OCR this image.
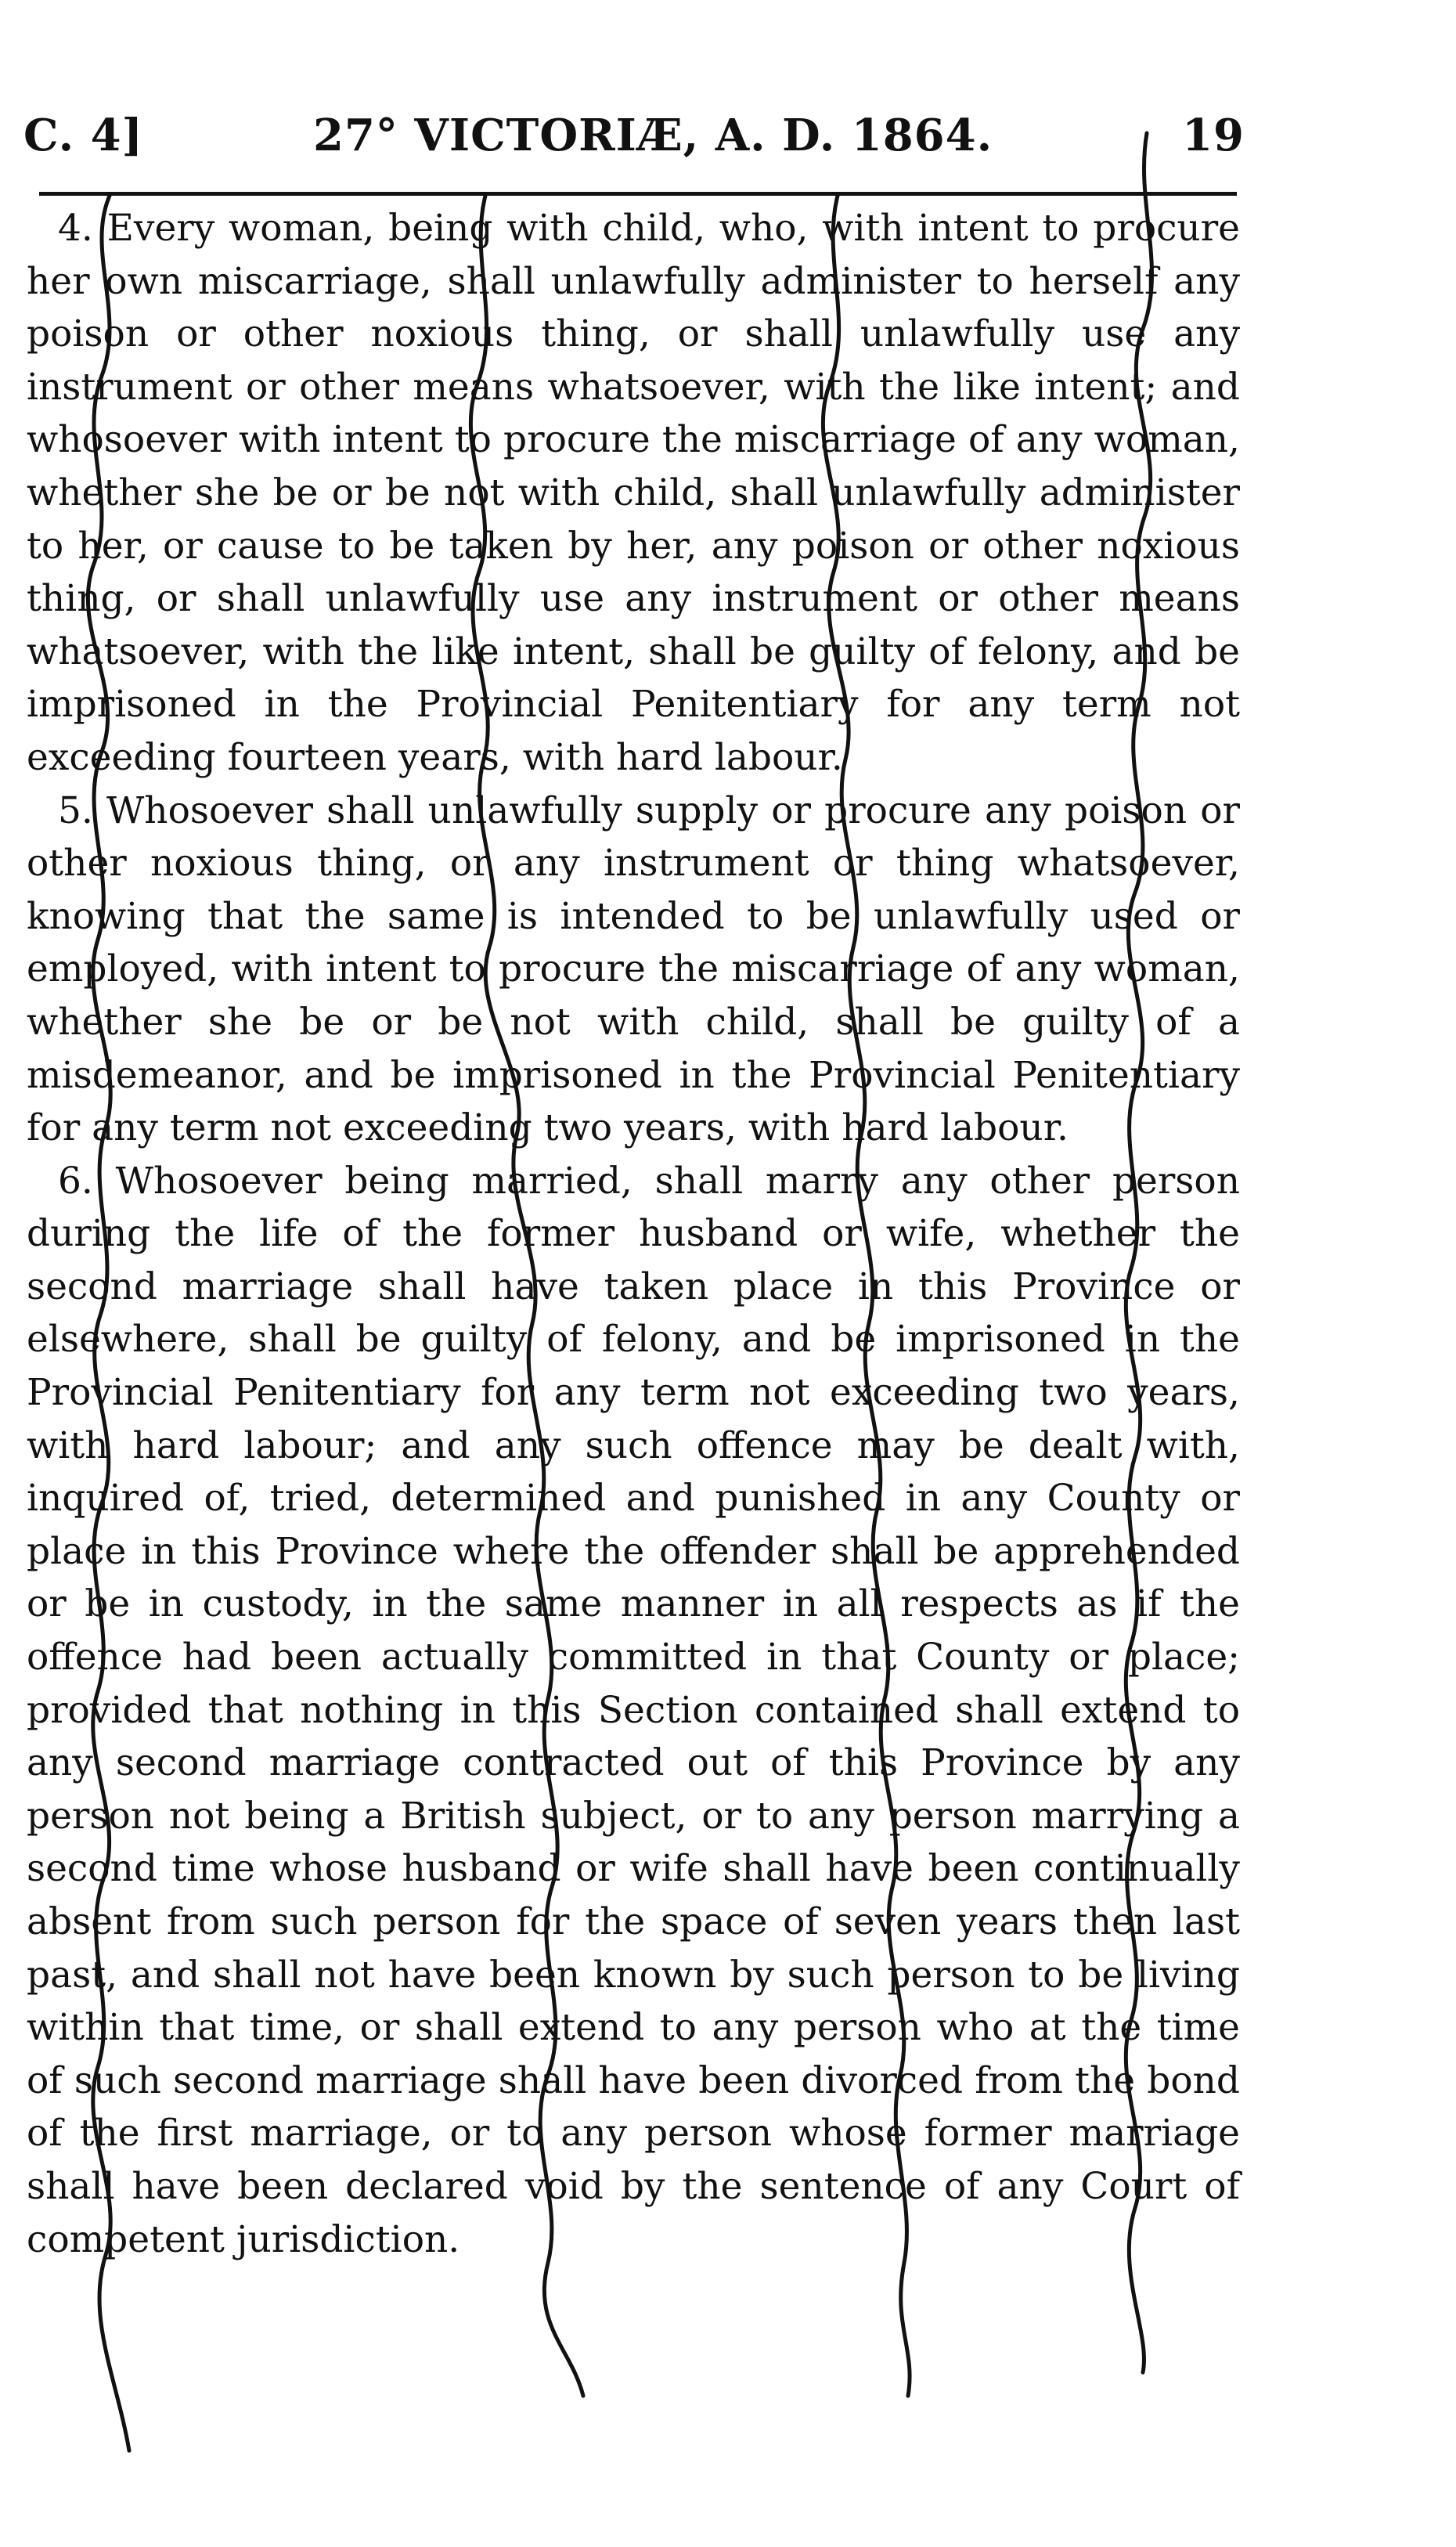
C. 4]	27° VICTORIÆ, A. D. 1864.	19

4. Every woman, being with child, who, with intent to procure her own miscarriage, shall unlawfully administer to herself any poison or other noxious thing, or shall unlawfully use any instrument or other means whatsoever, with the like intent; and whosoever with intent to procure the miscarriage of any woman, whether she be or be not with child, shall unlawfully administer to her, or cause to be taken by her, any poison or other noxious thing, or shall unlawfully use any instrument or other means whatsoever, with the like intent, shall be guilty of felony, and be imprisoned in the Provincial Penitentiary for any term not exceeding fourteen years, with hard labour.

5. Whosoever shall unlawfully supply or procure any poison or other noxious thing, or any instrument or thing whatsoever, knowing that the same is intended to be unlawfully used or employed, with intent to procure the miscarriage of any woman, whether she be or be not with child, shall be guilty of a misdemeanor, and be imprisoned in the Provincial Penitentiary for any term not exceeding two years, with hard labour.

6. Whosoever being married, shall marry any other person during the life of the former husband or wife, whether the second marriage shall have taken place in this Province or elsewhere, shall be guilty of felony, and be imprisoned in the Provincial Penitentiary for any term not exceeding two years, with hard labour; and any such offence may be dealt with, inquired of, tried, determined and punished in any County or place in this Province where the offender shall be apprehended or be in custody, in the same manner in all respects as if the offence had been actually committed in that County or place; provided that nothing in this Section contained shall extend to any second marriage contracted out of this Province by any person not being a British subject, or to any person marrying a second time whose husband or wife shall have been continually absent from such person for the space of seven years then last past, and shall not have been known by such person to be living within that time, or shall extend to any person who at the time of such second marriage shall have been divorced from the bond of the first marriage, or to any person whose former marriage shall have been declared void by the sentence of any Court of competent jurisdiction.
